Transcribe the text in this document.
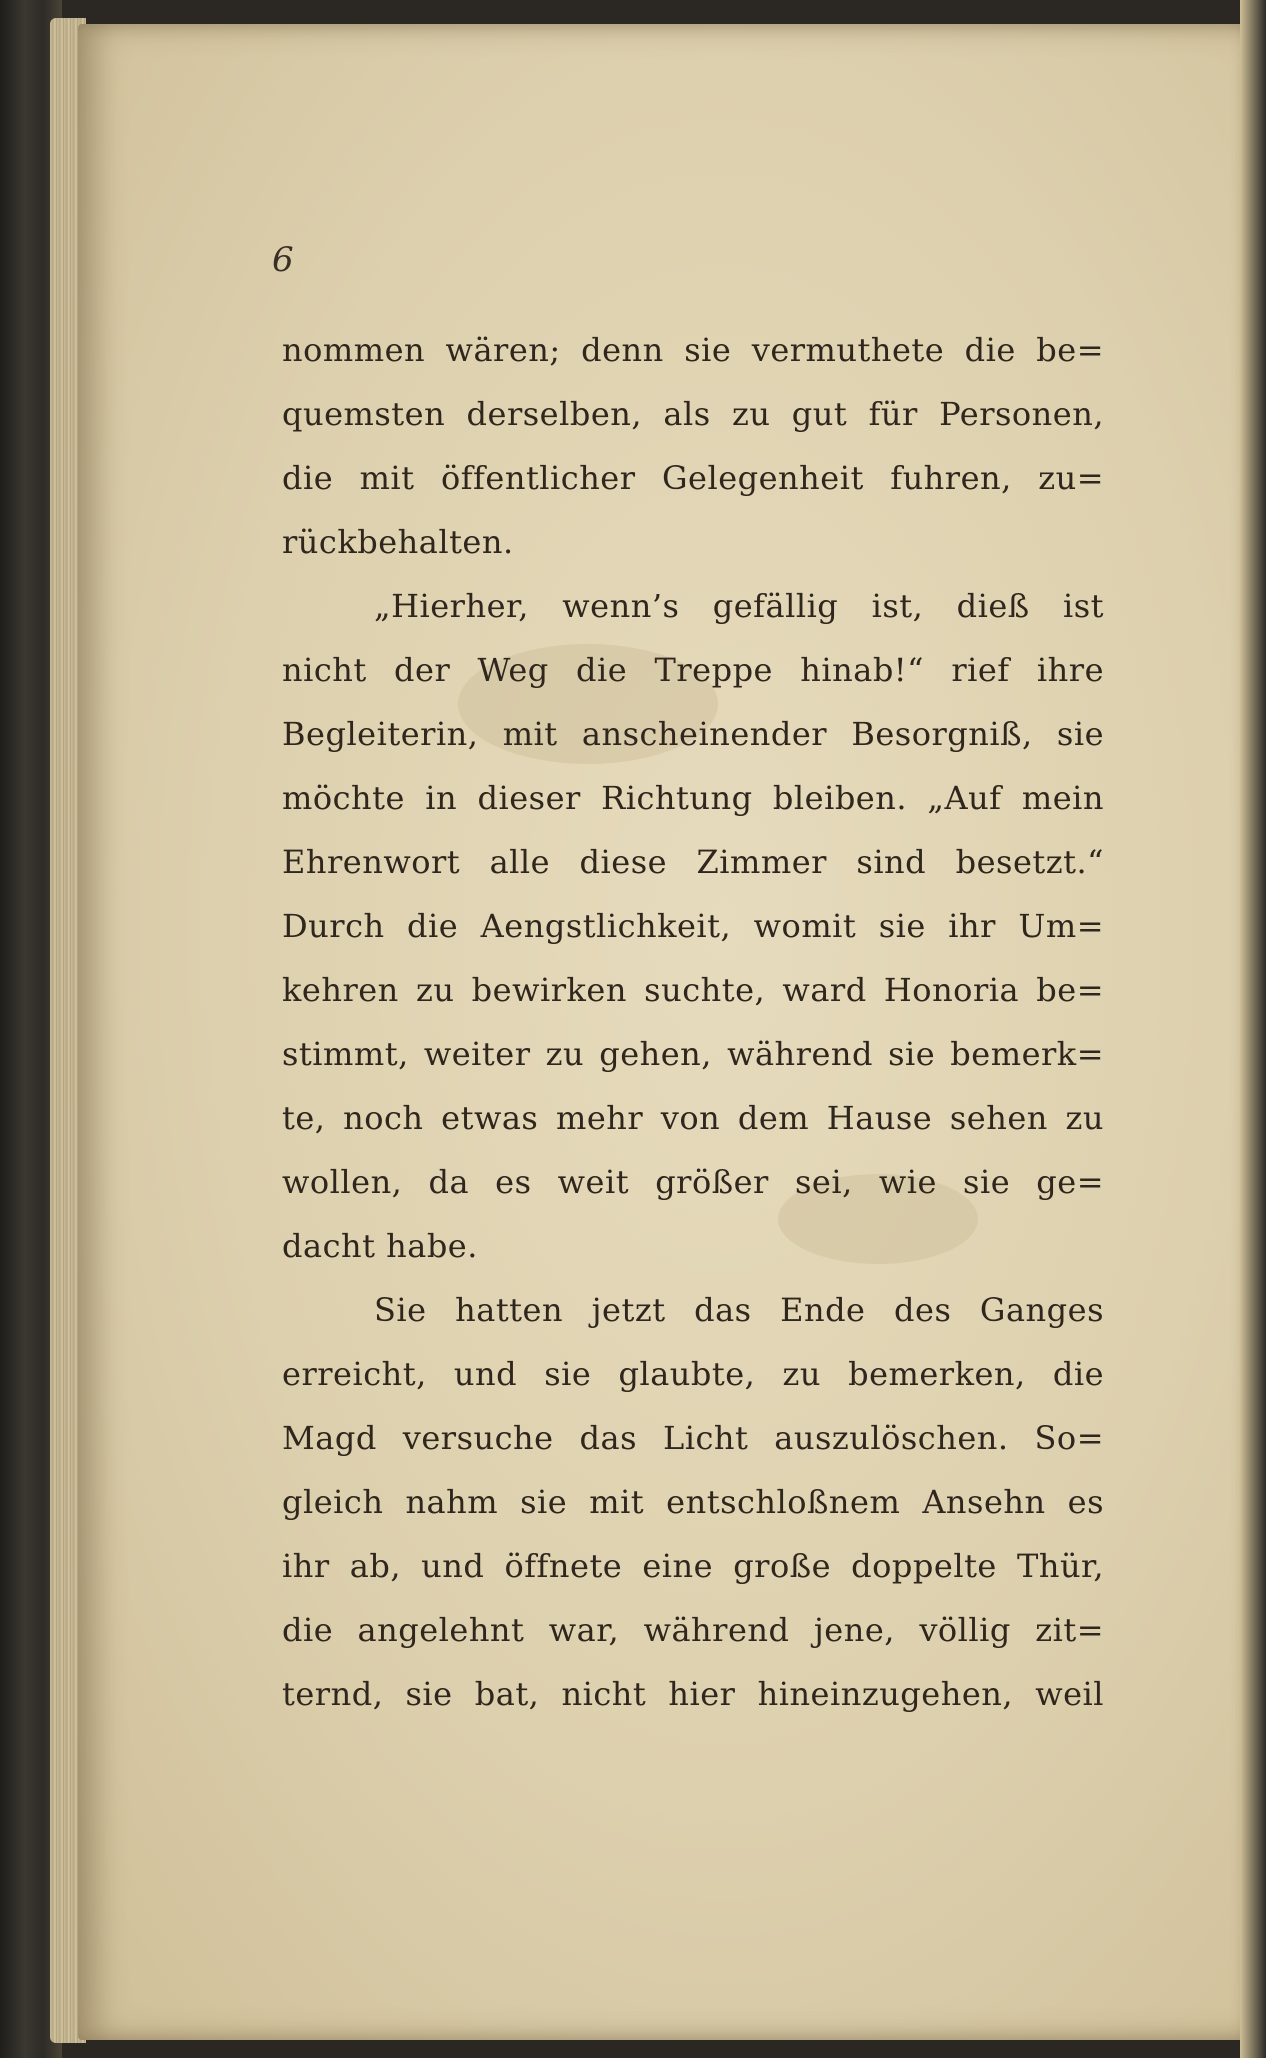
6
nommen wären; denn sie vermuthete die be=
quemsten derselben, als zu gut für Personen,
die mit öffentlicher Gelegenheit fuhren, zu=
rückbehalten.
„Hierher, wenn’s gefällig ist, dieß ist
nicht der Weg die Treppe hinab!“ rief ihre
Begleiterin, mit anscheinender Besorgniß, sie
möchte in dieser Richtung bleiben. „Auf mein
Ehrenwort alle diese Zimmer sind besetzt.“
Durch die Aengstlichkeit, womit sie ihr Um=
kehren zu bewirken suchte, ward Honoria be=
stimmt, weiter zu gehen, während sie bemerk=
te, noch etwas mehr von dem Hause sehen zu
wollen, da es weit größer sei, wie sie ge=
dacht habe.
Sie hatten jetzt das Ende des Ganges
erreicht, und sie glaubte, zu bemerken, die
Magd versuche das Licht auszulöschen. So=
gleich nahm sie mit entschloßnem Ansehn es
ihr ab, und öffnete eine große doppelte Thür,
die angelehnt war, während jene, völlig zit=
ternd, sie bat, nicht hier hineinzugehen, weil
